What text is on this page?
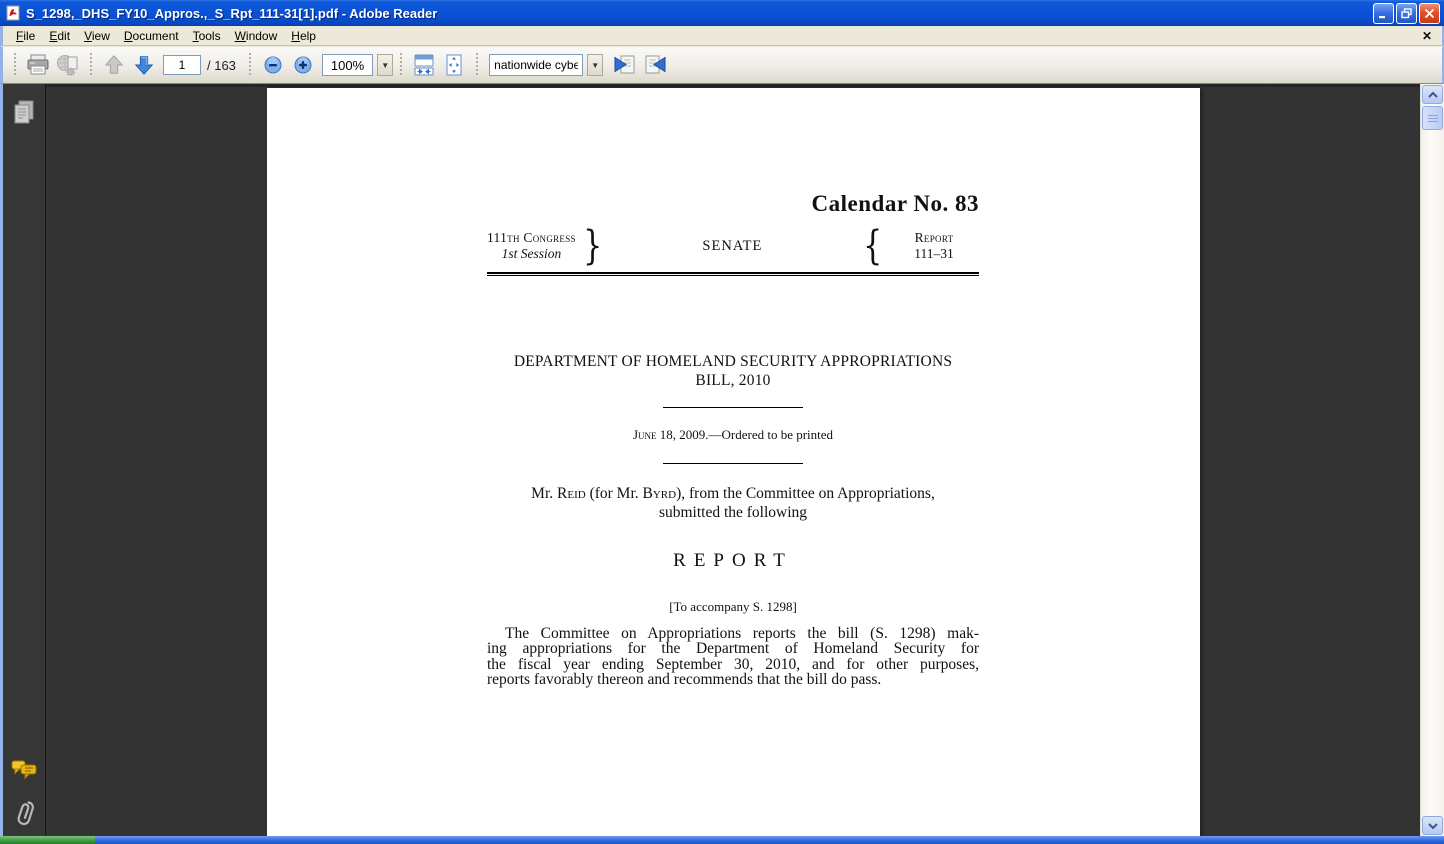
S_1298,_DHS_FY10_Appros.,_S_Rpt_111-31[1].pdf - Adobe Reader
File	Edit	View	Document	Tools	Window	Help	✕
1
/ 163	100%	▼
nationwide cyber	▼
Calendar No. 83
111th Congress
1st Session }	SENATE	{	Report
111–31
DEPARTMENT OF HOMELAND SECURITY APPROPRIATIONS
BILL, 2010
June 18, 2009.—Ordered to be printed
Mr. Reid (for Mr. Byrd), from the Committee on Appropriations,
submitted the following
REPORT
[To accompany S. 1298]
The Committee on Appropriations reports the bill (S. 1298) mak-
ing appropriations for the Department of Homeland Security for
the fiscal year ending September 30, 2010, and for other purposes,
reports favorably thereon and recommends that the bill do pass.
